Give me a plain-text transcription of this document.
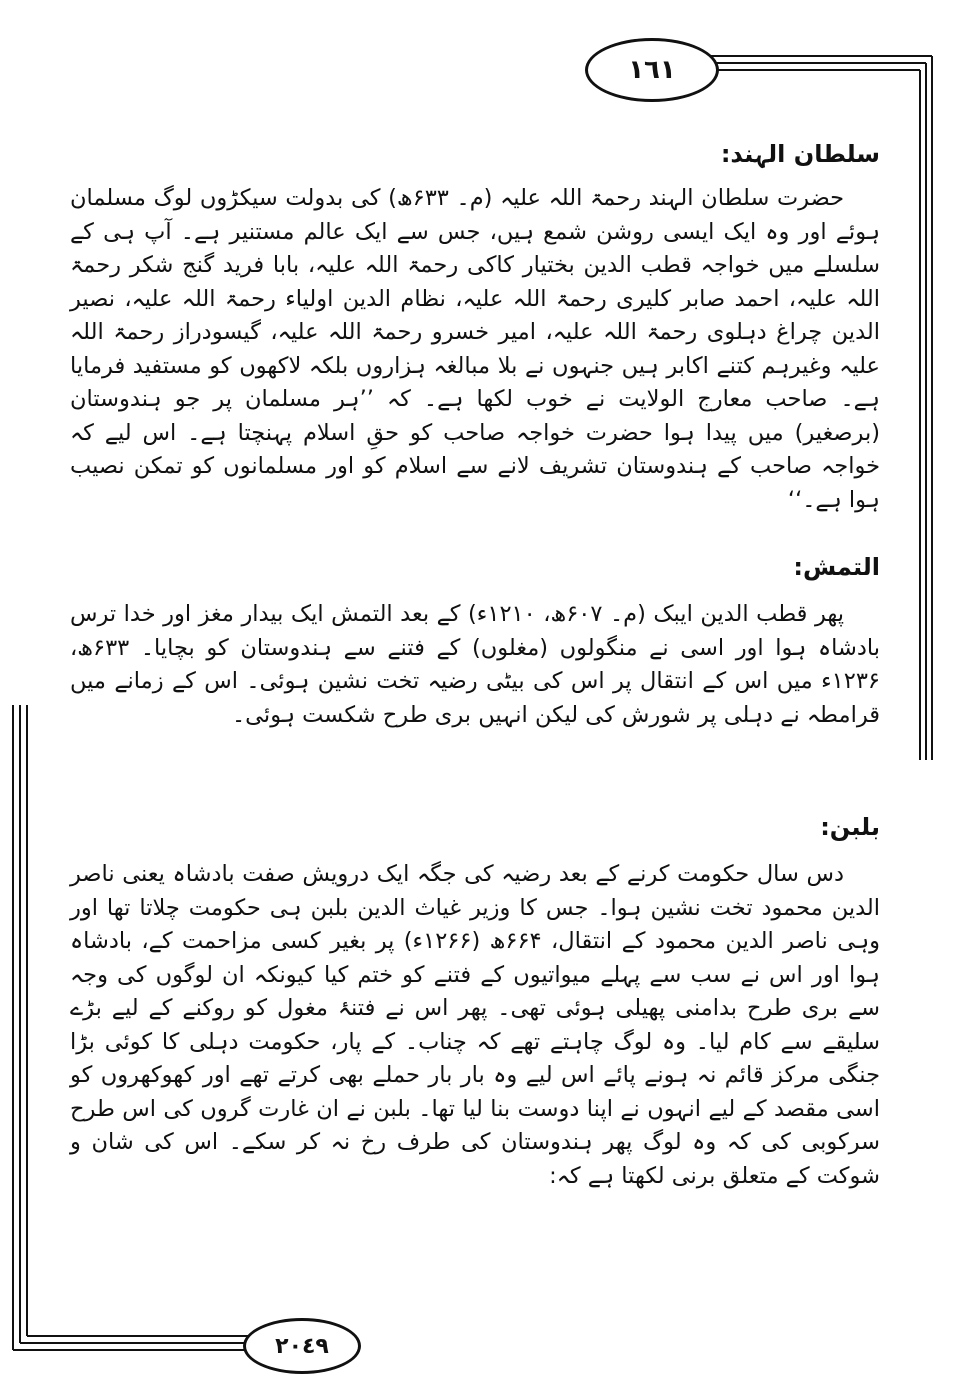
١٦١
سلطان الہند:

حضرت سلطان الہند رحمۃ اللہ علیہ (م۔ ۶۳۳ھ) کی بدولت سیکڑوں لوگ مسلمان ہوئے اور وہ ایک ایسی روشن شمع ہیں، جس سے ایک عالم مستنیر ہے۔ آپ ہی کے سلسلے میں خواجہ قطب الدین بختیار کاکی رحمۃ اللہ علیہ، بابا فرید گنج شکر رحمۃ اللہ علیہ، احمد صابر کلیری رحمۃ اللہ علیہ، نظام الدین اولیاء رحمۃ اللہ علیہ، نصیر الدین چراغ دہلوی رحمۃ اللہ علیہ، امیر خسرو رحمۃ اللہ علیہ، گیسودراز رحمۃ اللہ علیہ وغیرہم کتنے اکابر ہیں جنہوں نے بلا مبالغہ ہزاروں بلکہ لاکھوں کو مستفید فرمایا ہے۔ صاحب معارج الولایت نے خوب لکھا ہے۔ کہ ’’ہر مسلمان پر جو ہندوستان (برصغیر) میں پیدا ہوا حضرت خواجہ صاحب کو حقِ اسلام پہنچتا ہے۔ اس لیے کہ خواجہ صاحب کے ہندوستان تشریف لانے سے اسلام کو اور مسلمانوں کو تمکن نصیب ہوا ہے۔‘‘

التمش:

پھر قطب الدین ایبک (م۔ ۶۰۷ھ، ۱۲۱۰ء) کے بعد التمش ایک بیدار مغز اور خدا ترس بادشاہ ہوا اور اسی نے منگولوں (مغلوں) کے فتنے سے ہندوستان کو بچایا۔ ۶۳۳ھ، ۱۲۳۶ء میں اس کے انتقال پر اس کی بیٹی رضیہ تخت نشین ہوئی۔ اس کے زمانے میں قرامطہ نے دہلی پر شورش کی لیکن انہیں بری طرح شکست ہوئی۔

بلبن:

دس سال حکومت کرنے کے بعد رضیہ کی جگہ ایک درویش صفت بادشاہ یعنی ناصر الدین محمود تخت نشین ہوا۔ جس کا وزیر غیاث الدین بلبن ہی حکومت چلاتا تھا اور وہی ناصر الدین محمود کے انتقال، ۶۶۴ھ (۱۲۶۶ء) پر بغیر کسی مزاحمت کے، بادشاہ ہوا اور اس نے سب سے پہلے میواتیوں کے فتنے کو ختم کیا کیونکہ ان لوگوں کی وجہ سے بری طرح بدامنی پھیلی ہوئی تھی۔ پھر اس نے فتنۂ مغول کو روکنے کے لیے بڑے سلیقے سے کام لیا۔ وہ لوگ چاہتے تھے کہ چناب۔ کے پار، حکومت دہلی کا کوئی بڑا جنگی مرکز قائم نہ ہونے پائے اس لیے وہ بار بار حملے بھی کرتے تھے اور کھوکھروں کو اسی مقصد کے لیے انہوں نے اپنا دوست بنا لیا تھا۔ بلبن نے ان غارت گروں کی اس طرح سرکوبی کی کہ وہ لوگ پھر ہندوستان کی طرف رخ نہ کر سکے۔ اس کی شان و شوکت کے متعلق برنی لکھتا ہے کہ:

٢٠٤٩
